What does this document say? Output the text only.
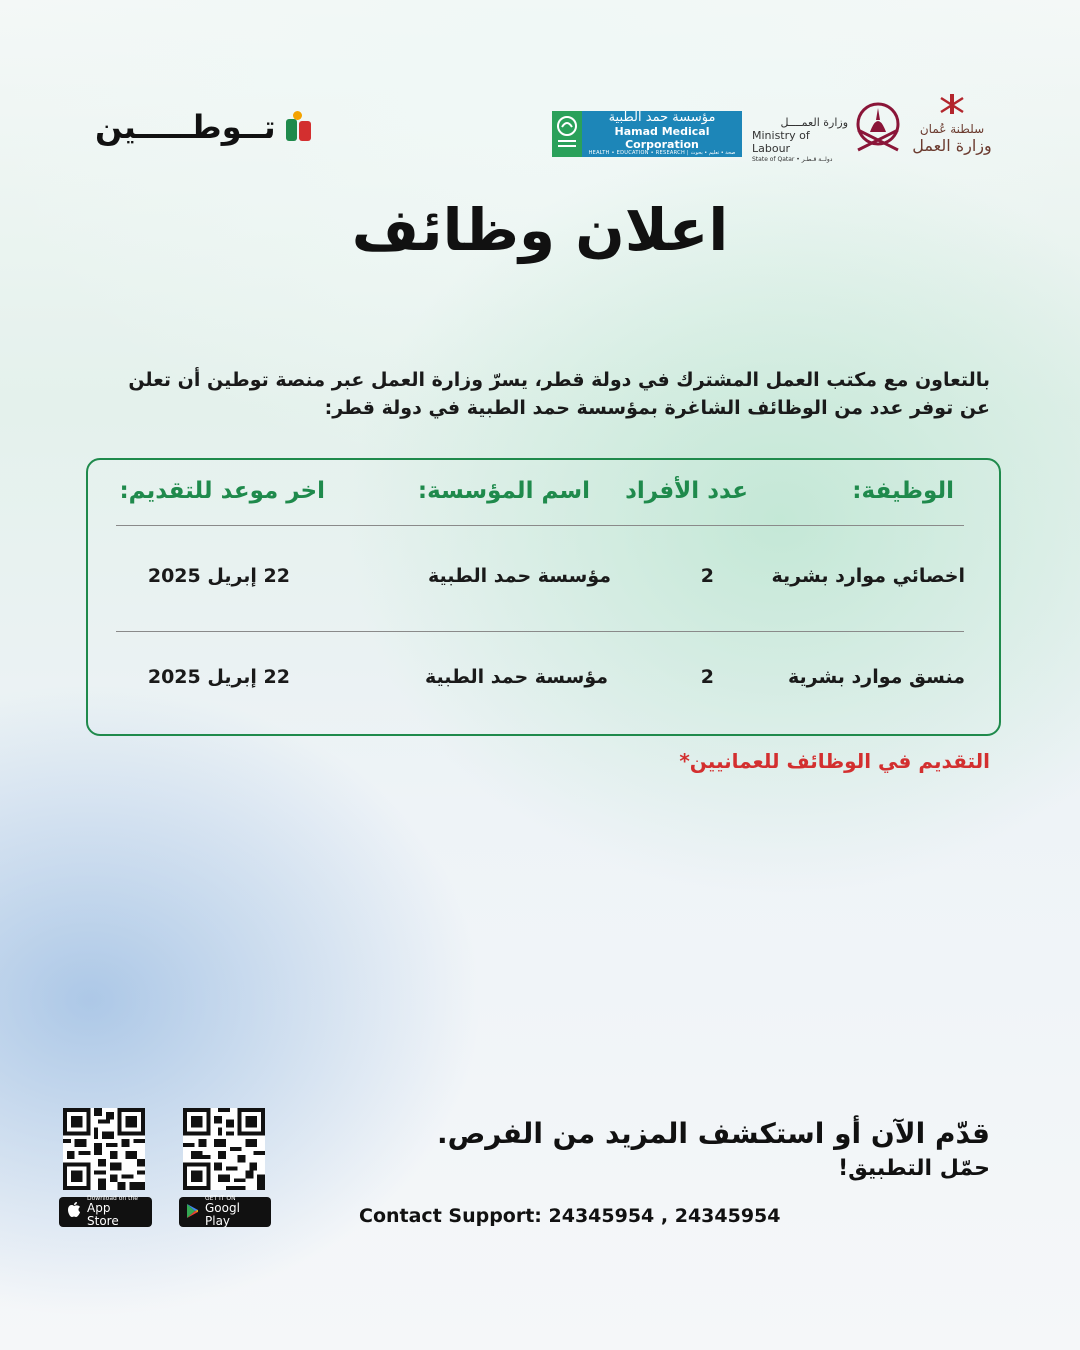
تــوطـــــين	مؤسسة حمد الطبية
Hamad Medical Corporation
HEALTH • EDUCATION • RESEARCH | صحة • تعليم • بحوث
وزارة العمــــل
Ministry of Labour
State of Qatar • دولــة قـطـر
سلطنة عُمان
وزارة العمل
اعلان وظائف
بالتعاون مع مكتب العمل المشترك في دولة قطر، يسرّ وزارة العمل عبر منصة توطين أن تعلن عن توفر عدد من الوظائف الشاغرة بمؤسسة حمد الطبية في دولة قطر:
الوظيفة:
عدد الأفراد
اسم المؤسسة:
اخر موعد للتقديم:
اخصائي موارد بشرية
2
مؤسسة حمد الطبية
22 إبريل 2025
منسق موارد بشرية
2
مؤسسة حمد الطبية
22 إبريل 2025
التقديم في الوظائف للعمانيين*
قدّم الآن أو استكشف المزيد من الفرص.
حمّل التطبيق!
Contact Support: 24345954 , 24345954
Download on the
App Store
GET IT ON
Googl Play
